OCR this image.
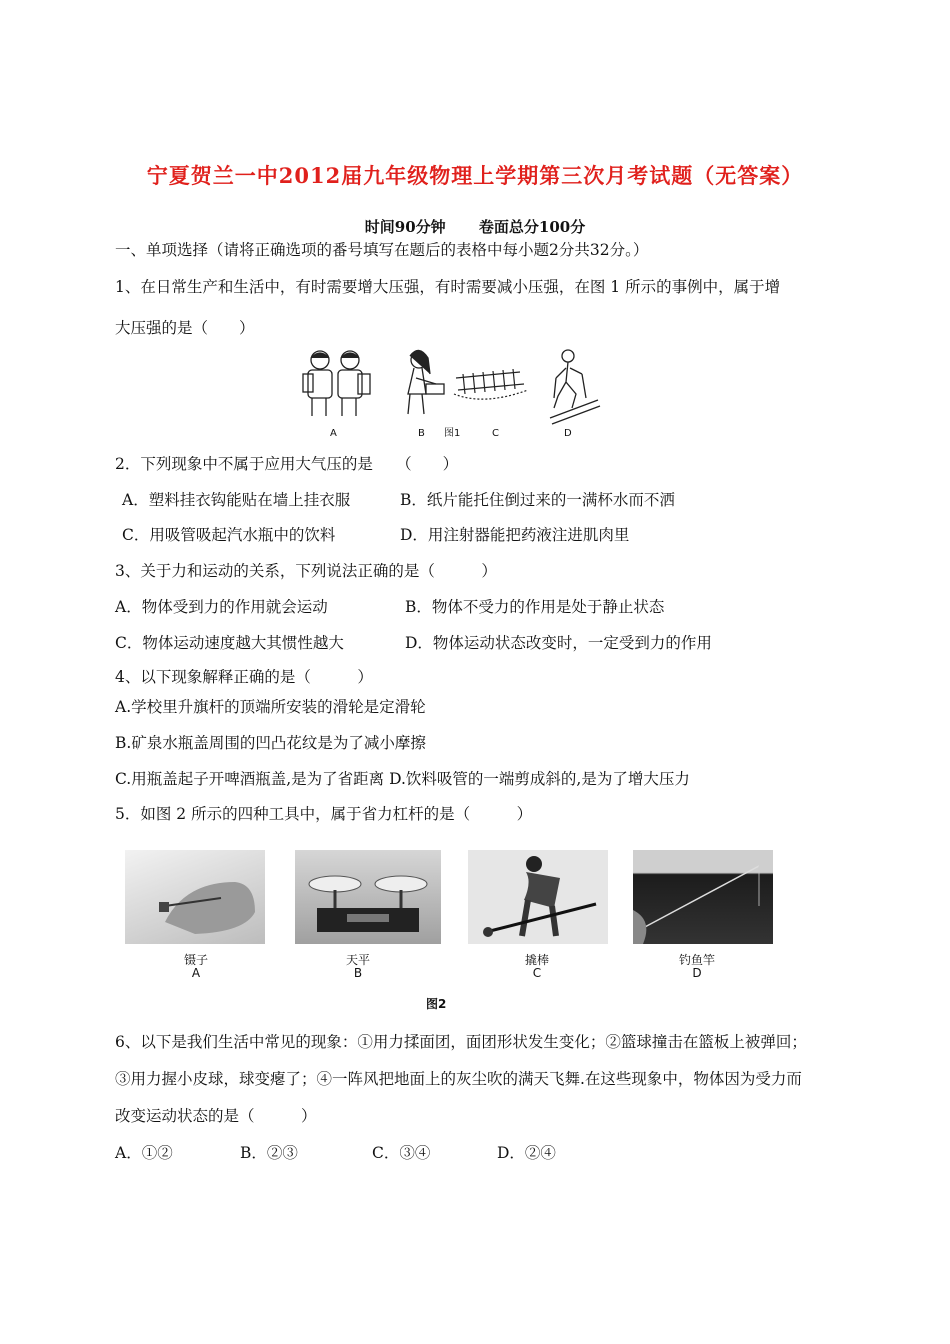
宁夏贺兰一中2012届九年级物理上学期第三次月考试题（无答案）
时间90分钟 卷面总分100分
一、单项选择（请将正确选项的番号填写在题后的表格中每小题2分共32分。）
1、在日常生产和生活中，有时需要增大压强，有时需要减小压强，在图 1 所示的事例中，属于增
大压强的是（　　）
A	B 图1	C	D
2．下列现象中不属于应用大气压的是　　（　　）
A．塑料挂衣钩能贴在墙上挂衣服	B．纸片能托住倒过来的一满杯水而不洒
C．用吸管吸起汽水瓶中的饮料	D．用注射器能把药液注进肌肉里
3、关于力和运动的关系，下列说法正确的是（　　　）
A．物体受到力的作用就会运动	B．物体不受力的作用是处于静止状态
C．物体运动速度越大其惯性越大	D．物体运动状态改变时，一定受到力的作用
4、以下现象解释正确的是（　　　）
A.学校里升旗杆的顶端所安装的滑轮是定滑轮
B.矿泉水瓶盖周围的凹凸花纹是为了减小摩擦
C.用瓶盖起子开啤酒瓶盖,是为了省距离 D.饮料吸管的一端剪成斜的,是为了增大压力
5．如图 2 所示的四种工具中，属于省力杠杆的是（　　　）
镊子
A
天平
B
撬棒
C
钓鱼竿
D
图2
6、以下是我们生活中常见的现象：①用力揉面团，面团形状发生变化；②篮球撞击在篮板上被弹回；
③用力握小皮球，球变瘪了；④一阵风把地面上的灰尘吹的满天飞舞.在这些现象中，物体因为受力而
改变运动状态的是（　　　）
A．①②	B．②③	C．③④	D．②④
